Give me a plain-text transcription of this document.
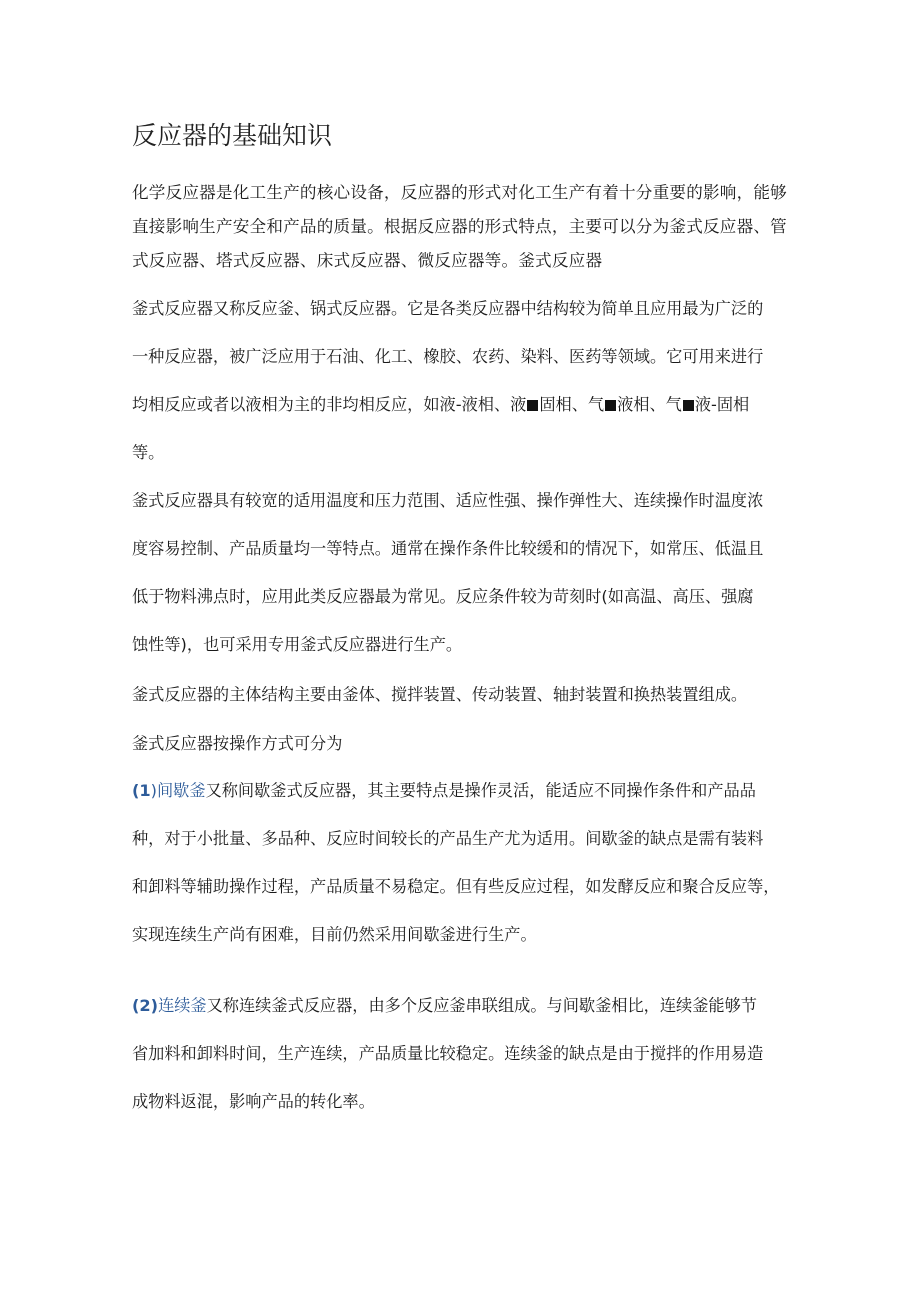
反应器的基础知识
化学反应器是化工生产的核心设备，反应器的形式对化工生产有着十分重要的影响，能够
直接影响生产安全和产品的质量。根据反应器的形式特点，主要可以分为釜式反应器、管
式反应器、塔式反应器、床式反应器、微反应器等。釜式反应器
釜式反应器又称反应釜、锅式反应器。它是各类反应器中结构较为简单且应用最为广泛的
一种反应器，被广泛应用于石油、化工、橡胶、农药、染料、医药等领域。它可用来进行
均相反应或者以液相为主的非均相反应，如液-液相、液 固相、气 液相、气 液-固相
等。
釜式反应器具有较宽的适用温度和压力范围、适应性强、操作弹性大、连续操作时温度浓
度容易控制、产品质量均一等特点。通常在操作条件比较缓和的情况下，如常压、低温且
低于物料沸点时，应用此类反应器最为常见。反应条件较为苛刻时(如高温、高压、强腐
蚀性等)，也可采用专用釜式反应器进行生产。
釜式反应器的主体结构主要由釜体、搅拌装置、传动装置、轴封装置和换热装置组成。
釜式反应器按操作方式可分为
(1)间歇釜又称间歇釜式反应器，其主要特点是操作灵活，能适应不同操作条件和产品品
种，对于小批量、多品种、反应时间较长的产品生产尤为适用。间歇釜的缺点是需有装料
和卸料等辅助操作过程，产品质量不易稳定。但有些反应过程，如发酵反应和聚合反应等，
实现连续生产尚有困难，目前仍然采用间歇釜进行生产。
(2)连续釜又称连续釜式反应器，由多个反应釜串联组成。与间歇釜相比，连续釜能够节
省加料和卸料时间，生产连续，产品质量比较稳定。连续釜的缺点是由于搅拌的作用易造
成物料返混，影响产品的转化率。
